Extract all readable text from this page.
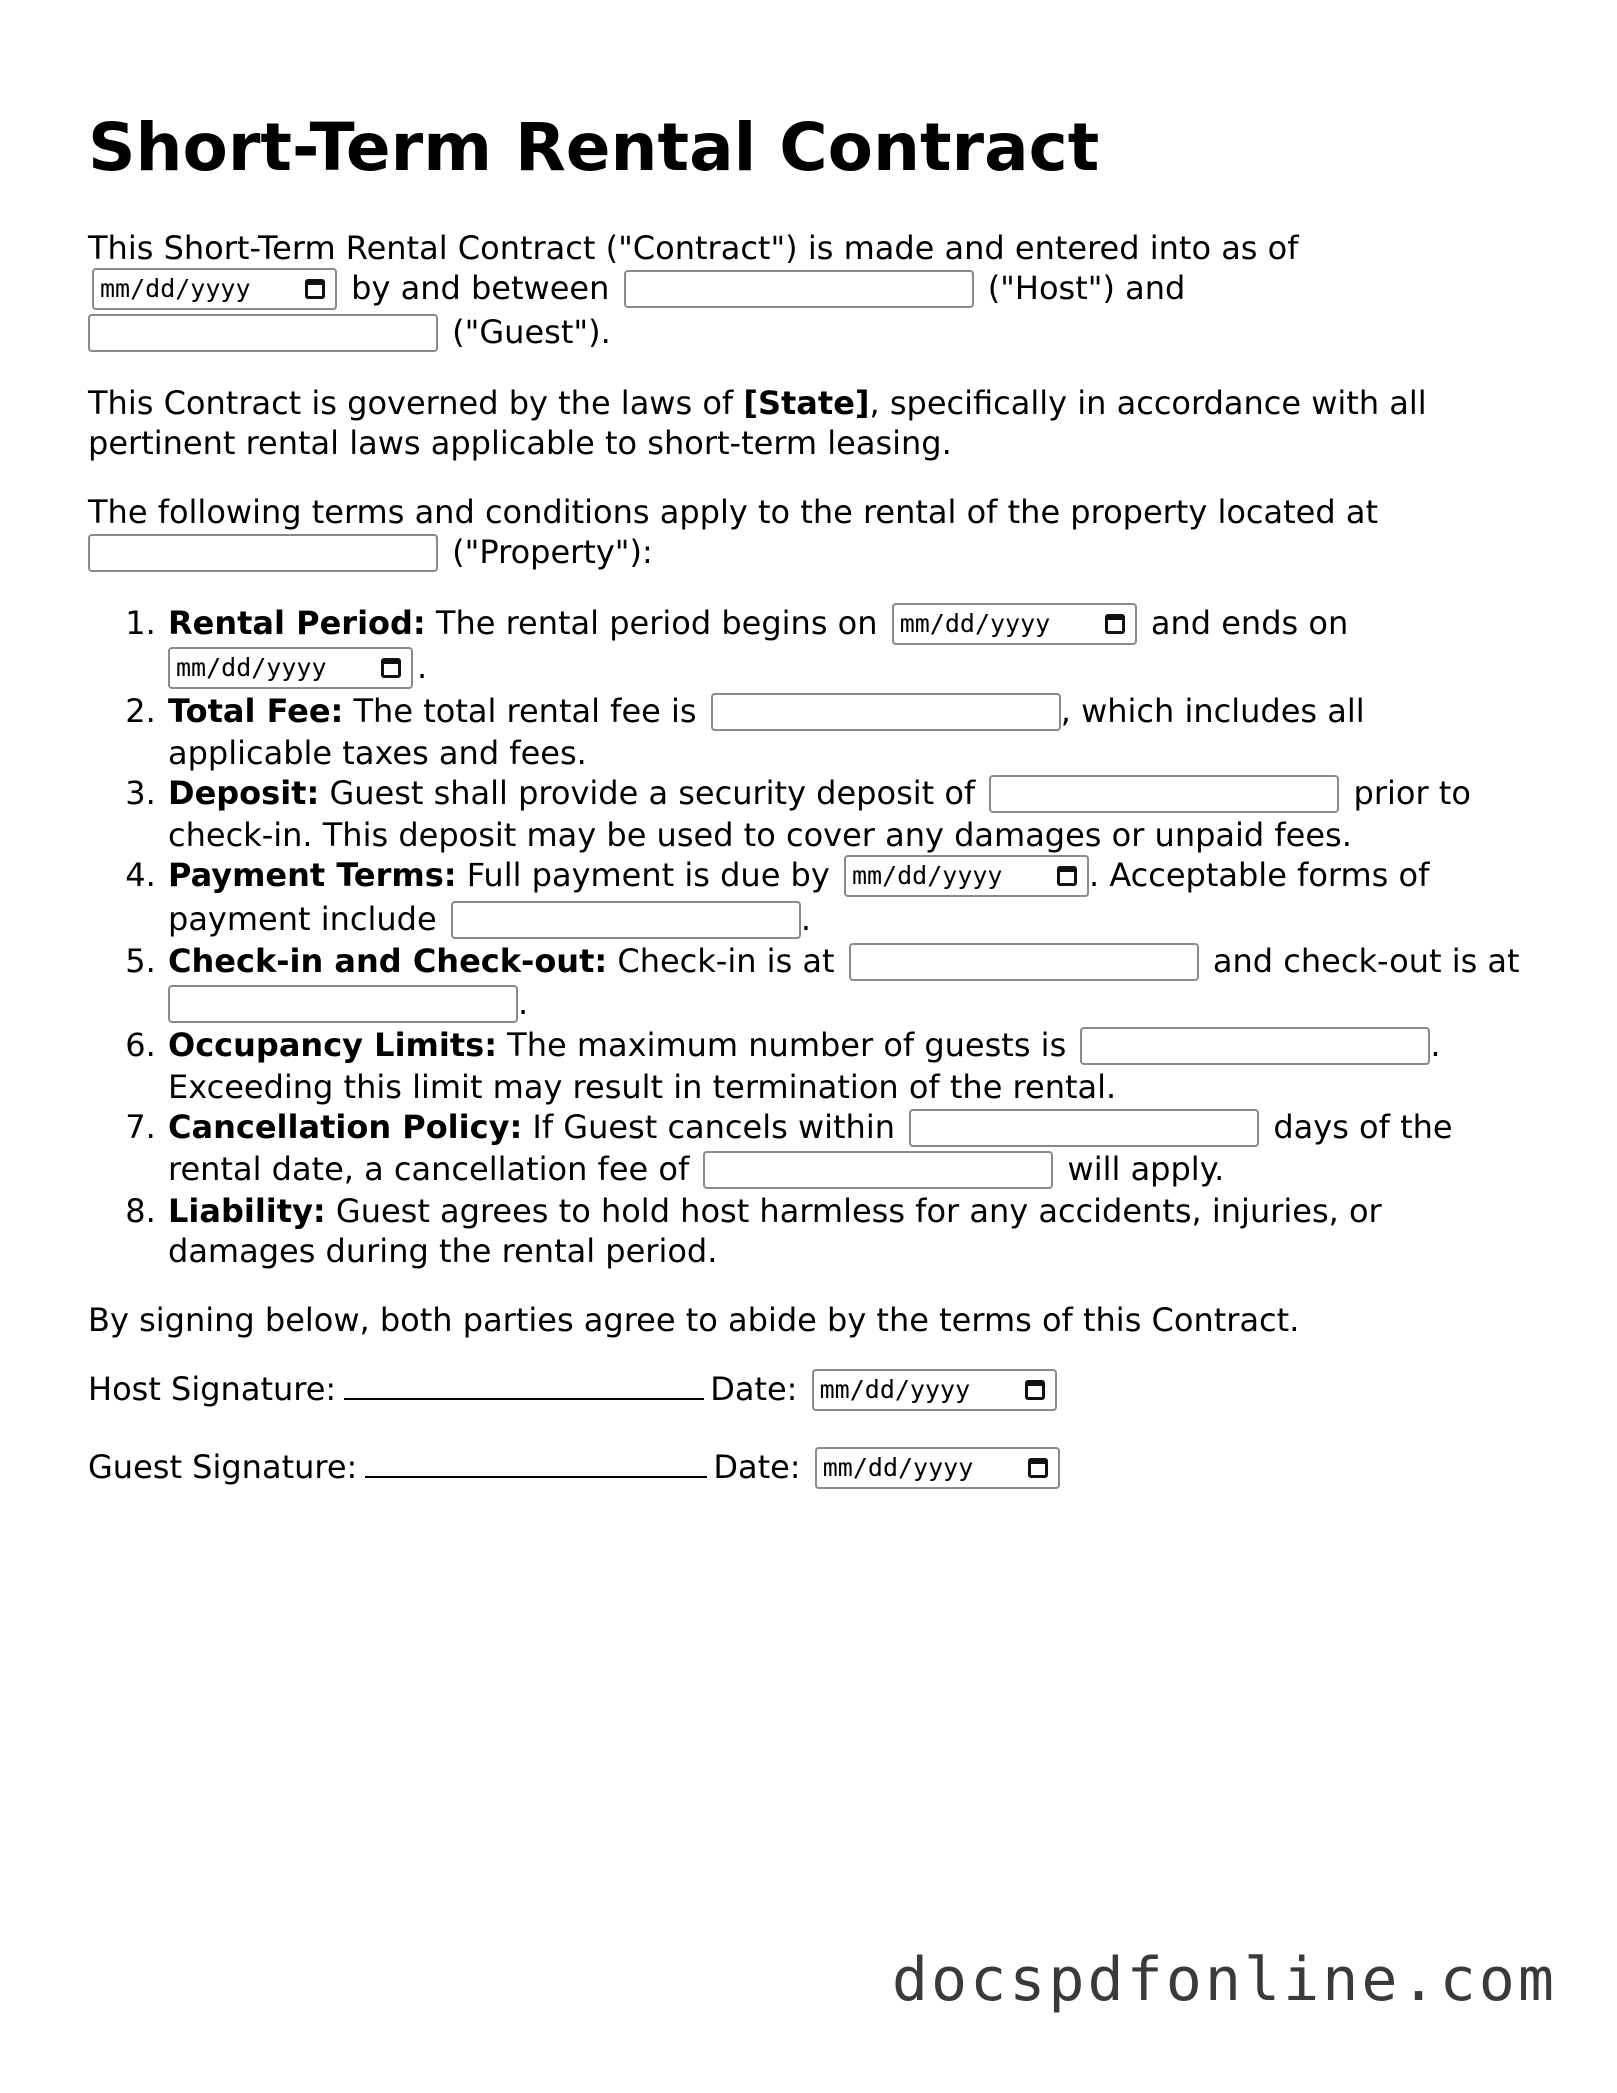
Short-Term Rental Contract

This Short-Term Rental Contract ("Contract") is made and entered into as of

mm/dd/yyyy	by and between	("Host") and
("Guest").

This Contract is governed by the laws of [State], specifically in accordance with all pertinent rental laws applicable to short-term leasing.

The following terms and conditions apply to the rental of the property located at
("Property"):

1. Rental Period: The rental period begins on mm/dd/yyyy	and ends on

mm/dd/yyyy	.
2. Total Fee: The total rental fee is	, which includes all applicable taxes and fees.
3. Deposit: Guest shall provide a security deposit of	prior to check-in. This deposit may be used to cover any damages or unpaid fees.
4. Payment Terms: Full payment is due by mm/dd/yyyy	. Acceptable forms of payment include	.
5. Check-in and Check-out: Check-in is at	and check-out is at
.
6. Occupancy Limits: The maximum number of guests is	. Exceeding this limit may result in termination of the rental.
7. Cancellation Policy: If Guest cancels within	days of the rental date, a cancellation fee of	will apply.
8. Liability: Guest agrees to hold host harmless for any accidents, injuries, or damages during the rental period.

By signing below, both parties agree to abide by the terms of this Contract.

Host Signature:	Date: mm/dd/yyyy
Guest Signature:	Date: mm/dd/yyyy
docspdfonline.com
